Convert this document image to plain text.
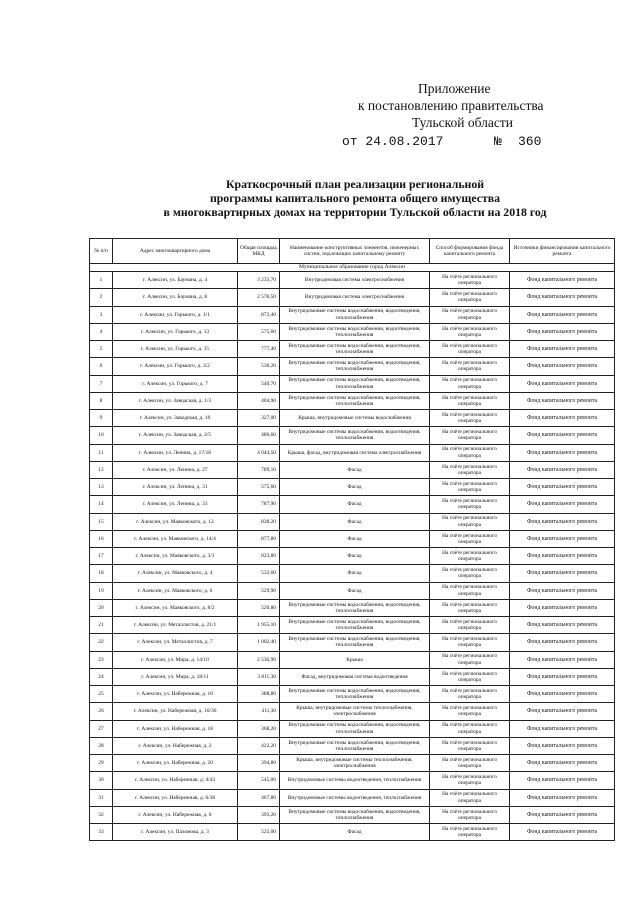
Приложение
к постановлению правительства
Тульской области
от 24.08.2017	№ 360
Краткосрочный план реализации региональной
программы капитального ремонта общего имущества
в многоквартирных домах на территории Тульской области на 2018 год
№ п/п	Адрес многоквартирного дома	Общая площадь МКД	Наименование конструктивных элементов, инженерных систем, подлежащих капитальному ремонту	Способ формирования фонда капитального ремонта	Источники финансирования капитального ремонта
Муниципальное образование город Алексин					
1	г. Алексин, ул. Баумана, д. 4	3 233,70	Внутридомовая система электроснабжения	На счёте регионального оператора	Фонд капитального ремонта
2	г. Алексин, ул. Баумана, д. 8	2 578,50	Внутридомовая система электроснабжения	На счёте регионального оператора	Фонд капитального ремонта
3	г. Алексин, ул. Горького, д. 1/1	872,40	Внутридомовые системы водоснабжения, водоотведения, теплоснабжения	На счёте регионального оператора	Фонд капитального ремонта
4	г. Алексин, ул. Горького, д. 13	575,60	Внутридомовые системы водоснабжения, водоотведения, теплоснабжения	На счёте регионального оператора	Фонд капитального ремонта
5	г. Алексин, ул. Горького, д. 15	777,40	Внутридомовые системы водоснабжения, водоотведения, теплоснабжения	На счёте регионального оператора	Фонд капитального ремонта
6	г. Алексин, ул. Горького, д. 3/2	530,20	Внутридомовые системы водоснабжения, водоотведения, теплоснабжения	На счёте регионального оператора	Фонд капитального ремонта
7	г. Алексин, ул. Горького, д. 7	540,70	Внутридомовые системы водоснабжения, водоотведения, теплоснабжения	На счёте регионального оператора	Фонд капитального ремонта
8	г. Алексин, ул. Заводская, д. 1/3	404,90	Внутридомовые системы водоснабжения, водоотведения, теплоснабжения	На счёте регионального оператора	Фонд капитального ремонта
9	г. Алексин, ул. Заводская, д. 10	327,00	Крыша, внутридомовые системы водоснабжения	На счёте регионального оператора	Фонд капитального ремонта
10	г. Алексин, ул. Заводская, д. 2/5	486,60	Внутридомовые системы водоснабжения, водоотведения, теплоснабжения	На счёте регионального оператора	Фонд капитального ремонта
11	г. Алексин, ул. Ленина, д. 17/18	4 044,50	Крыша, фасад, внутридомовая система электроснабжения	На счёте регионального оператора	Фонд капитального ремонта
12	г. Алексин, ул. Ленина, д. 27	789,10	Фасад	На счёте регионального оператора	Фонд капитального ремонта
13	г. Алексин, ул. Ленина, д. 31	575,60	Фасад	На счёте регионального оператора	Фонд капитального ремонта
14	г. Алексин, ул. Ленина, д. 33	787,90	Фасад	На счёте регионального оператора	Фонд капитального ремонта
15	г. Алексин, ул. Маяковского, д. 12	838,20	Фасад	На счёте регионального оператора	Фонд капитального ремонта
16	г. Алексин, ул. Маяковского, д. 14/4	877,80	Фасад	На счёте регионального оператора	Фонд капитального ремонта
17	г. Алексин, ул. Маяковского, д. 3/1	823,80	Фасад	На счёте регионального оператора	Фонд капитального ремонта
18	г. Алексин, ул. Маяковского, д. 4	532,60	Фасад	На счёте регионального оператора	Фонд капитального ремонта
19	г. Алексин, ул. Маяковского, д. 6	529,90	Фасад	На счёте регионального оператора	Фонд капитального ремонта
20	г. Алексин, ул. Маяковского, д. 8/2	520,80	Внутридомовые системы водоснабжения, водоотведения, теплоснабжения	На счёте регионального оператора	Фонд капитального ремонта
21	г. Алексин, ул. Металлистов, д. 21/1	1 955,10	Внутридомовые системы водоснабжения, водоотведения, теплоснабжения	На счёте регионального оператора	Фонд капитального ремонта
22	г. Алексин, ул. Металлистов, д. 7	1 002,40	Внутридомовые системы водоснабжения, водоотведения, теплоснабжения	На счёте регионального оператора	Фонд капитального ремонта
23	г. Алексин, ул. Мира, д. 14/10	2 536,90	Крыша	На счёте регионального оператора	Фонд капитального ремонта
24	г. Алексин, ул. Мира, д. 18/11	3 811,30	Фасад, внутридомовая система водоотведения	На счёте регионального оператора	Фонд капитального ремонта
25	г. Алексин, ул. Набережная, д. 10	388,80	Внутридомовые системы водоснабжения, водоотведения, теплоснабжения	На счёте регионального оператора	Фонд капитального ремонта
26	г. Алексин, ул. Набережная, д. 16/36	411,30	Крыша, внутридомовые системы теплоснабжения, электроснабжения	На счёте регионального оператора	Фонд капитального ремонта
27	г. Алексин, ул. Набережная, д. 18	368,20	Внутридомовые системы водоснабжения, водоотведения, теплоснабжения	На счёте регионального оператора	Фонд капитального ремонта
28	г. Алексин, ул. Набережная, д. 2	422,20	Внутридомовые системы водоснабжения, водоотведения, теплоснабжения	На счёте регионального оператора	Фонд капитального ремонта
29	г. Алексин, ул. Набережная, д. 20	394,80	Крыша, внутридомовые системы теплоснабжения, электроснабжения	На счёте регионального оператора	Фонд капитального ремонта
30	г. Алексин, ул. Набережная, д. 4/43	545,00	Внутридомовые системы водоотведения, теплоснабжения	На счёте регионального оператора	Фонд капитального ремонта
31	г. Алексин, ул. Набережная, д. 6/38	467,80	Внутридомовые системы водоотведения, теплоснабжения	На счёте регионального оператора	Фонд капитального ремонта
32	г. Алексин, ул. Набережная, д. 8	393,20	Внутридомовые системы водоснабжения, водоотведения, теплоснабжения	На счёте регионального оператора	Фонд капитального ремонта
33	г. Алексин, ул. Пахомова, д. 3	525,00	Фасад	На счёте регионального оператора	Фонд капитального ремонта
